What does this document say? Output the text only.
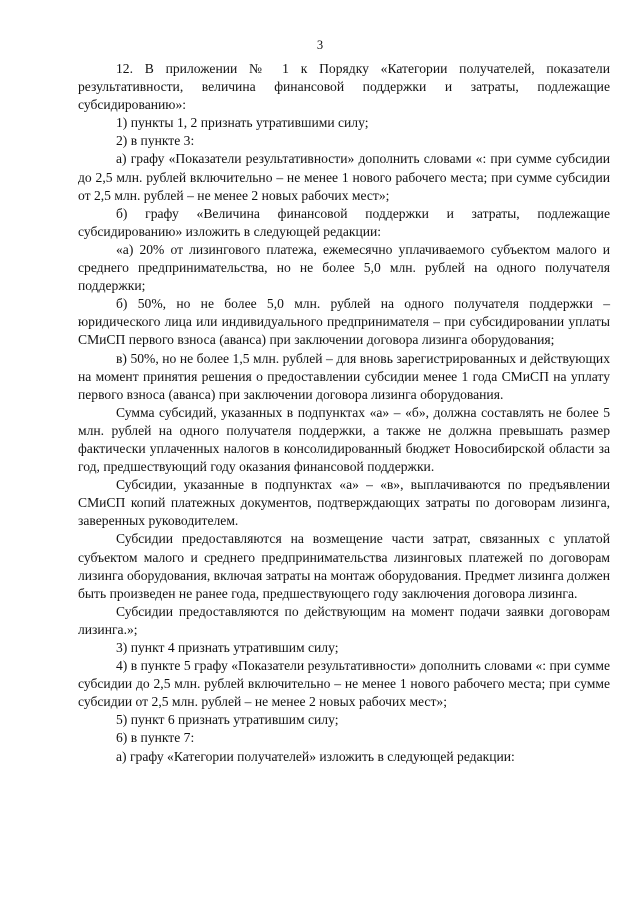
3

12. В приложении № 1 к Порядку «Категории получателей, показатели результативности, величина финансовой поддержки и затраты, подлежащие субсидированию»:

1) пункты 1, 2 признать утратившими силу;

2) в пункте 3:

а) графу «Показатели результативности» дополнить словами «: при сумме субсидии до 2,5 млн. рублей включительно – не менее 1 нового рабочего места; при сумме субсидии от 2,5 млн. рублей – не менее 2 новых рабочих мест»;

б) графу «Величина финансовой поддержки и затраты, подлежащие субсидированию» изложить в следующей редакции:

«а) 20% от лизингового платежа, ежемесячно уплачиваемого субъектом малого и среднего предпринимательства, но не более 5,0 млн. рублей на одного получателя поддержки;

б) 50%, но не более 5,0 млн. рублей на одного получателя поддержки – юридического лица или индивидуального предпринимателя – при субсидировании уплаты СМиСП первого взноса (аванса) при заключении договора лизинга оборудования;

в) 50%, но не более 1,5 млн. рублей – для вновь зарегистрированных и действующих на момент принятия решения о предоставлении субсидии менее 1 года СМиСП на уплату первого взноса (аванса) при заключении договора лизинга оборудования.

Сумма субсидий, указанных в подпунктах «а» – «б», должна составлять не более 5 млн. рублей на одного получателя поддержки, а также не должна превышать размер фактически уплаченных налогов в консолидированный бюджет Новосибирской области за год, предшествующий году оказания финансовой поддержки.

Субсидии, указанные в подпунктах «а» – «в», выплачиваются по предъявлении СМиСП копий платежных документов, подтверждающих затраты по договорам лизинга, заверенных руководителем.

Субсидии предоставляются на возмещение части затрат, связанных с уплатой субъектом малого и среднего предпринимательства лизинговых платежей по договорам лизинга оборудования, включая затраты на монтаж оборудования. Предмет лизинга должен быть произведен не ранее года, предшествующего году заключения договора лизинга.

Субсидии предоставляются по действующим на момент подачи заявки договорам лизинга.»;

3) пункт 4 признать утратившим силу;

4) в пункте 5 графу «Показатели результативности» дополнить словами «: при сумме субсидии до 2,5 млн. рублей включительно – не менее 1 нового рабочего места; при сумме субсидии от 2,5 млн. рублей – не менее 2 новых рабочих мест»;

5) пункт 6 признать утратившим силу;

6) в пункте 7:

а) графу «Категории получателей» изложить в следующей редакции:
